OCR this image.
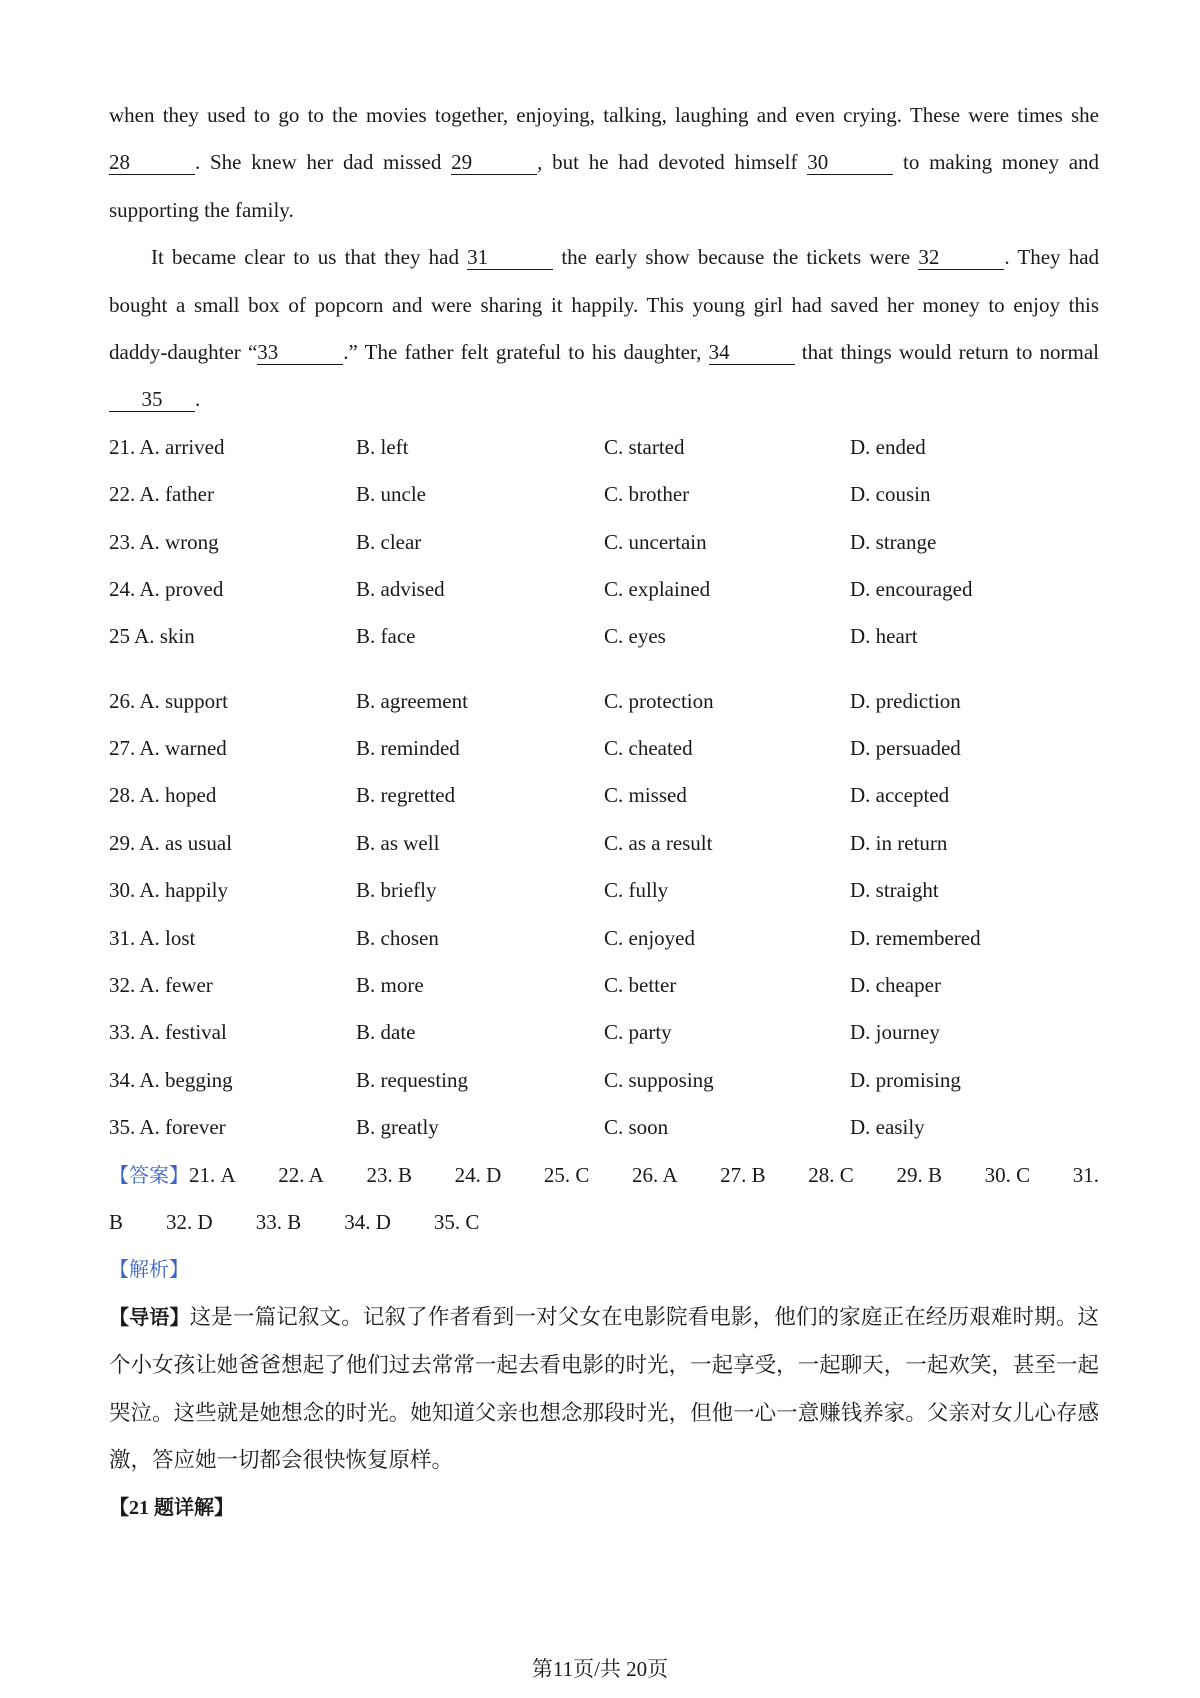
when they used to go to the movies together, enjoying, talking, laughing and even crying. These were times she
28	. She knew her dad missed 29	, but he had devoted himself 30	to making money and
supporting the family.
It became clear to us that they had 31	the early show because the tickets were 32	. They had
bought a small box of popcorn and were sharing it happily. This young girl had saved her money to enjoy this
daddy-daughter “33	.” The father felt grateful to his daughter, 34	that things would return to normal
35 .
21. A. arrived	B. left	C. started	D. ended
22. A. father	B. uncle	C. brother	D. cousin
23. A. wrong	B. clear	C. uncertain	D. strange
24. A. proved	B. advised	C. explained	D. encouraged
25 A. skin	B. face	C. eyes	D. heart
26. A. support	B. agreement	C. protection	D. prediction
27. A. warned	B. reminded	C. cheated	D. persuaded
28. A. hoped	B. regretted	C. missed	D. accepted
29. A. as usual	B. as well	C. as a result	D. in return
30. A. happily	B. briefly	C. fully	D. straight
31. A. lost	B. chosen	C. enjoyed	D. remembered
32. A. fewer	B. more	C. better	D. cheaper
33. A. festival	B. date	C. party	D. journey
34. A. begging	B. requesting	C. supposing	D. promising
35. A. forever	B. greatly	C. soon	D. easily
【答案】21. A 22. A 23. B 24. D 25. C 26. A 27. B 28. C 29. B 30. C 31.
B 32. D 33. B 34. D 35. C
【解析】

【导语】这是一篇记叙文。记叙了作者看到一对父女在电影院看电影，他们的家庭正在经历艰难时期。这个小女孩让她爸爸想起了他们过去常常一起去看电影的时光，一起享受，一起聊天，一起欢笑，甚至一起哭泣。这些就是她想念的时光。她知道父亲也想念那段时光，但他一心一意赚钱养家。父亲对女儿心存感激，答应她一切都会很快恢复原样。

【21 题详解】
第11页/共 20页
